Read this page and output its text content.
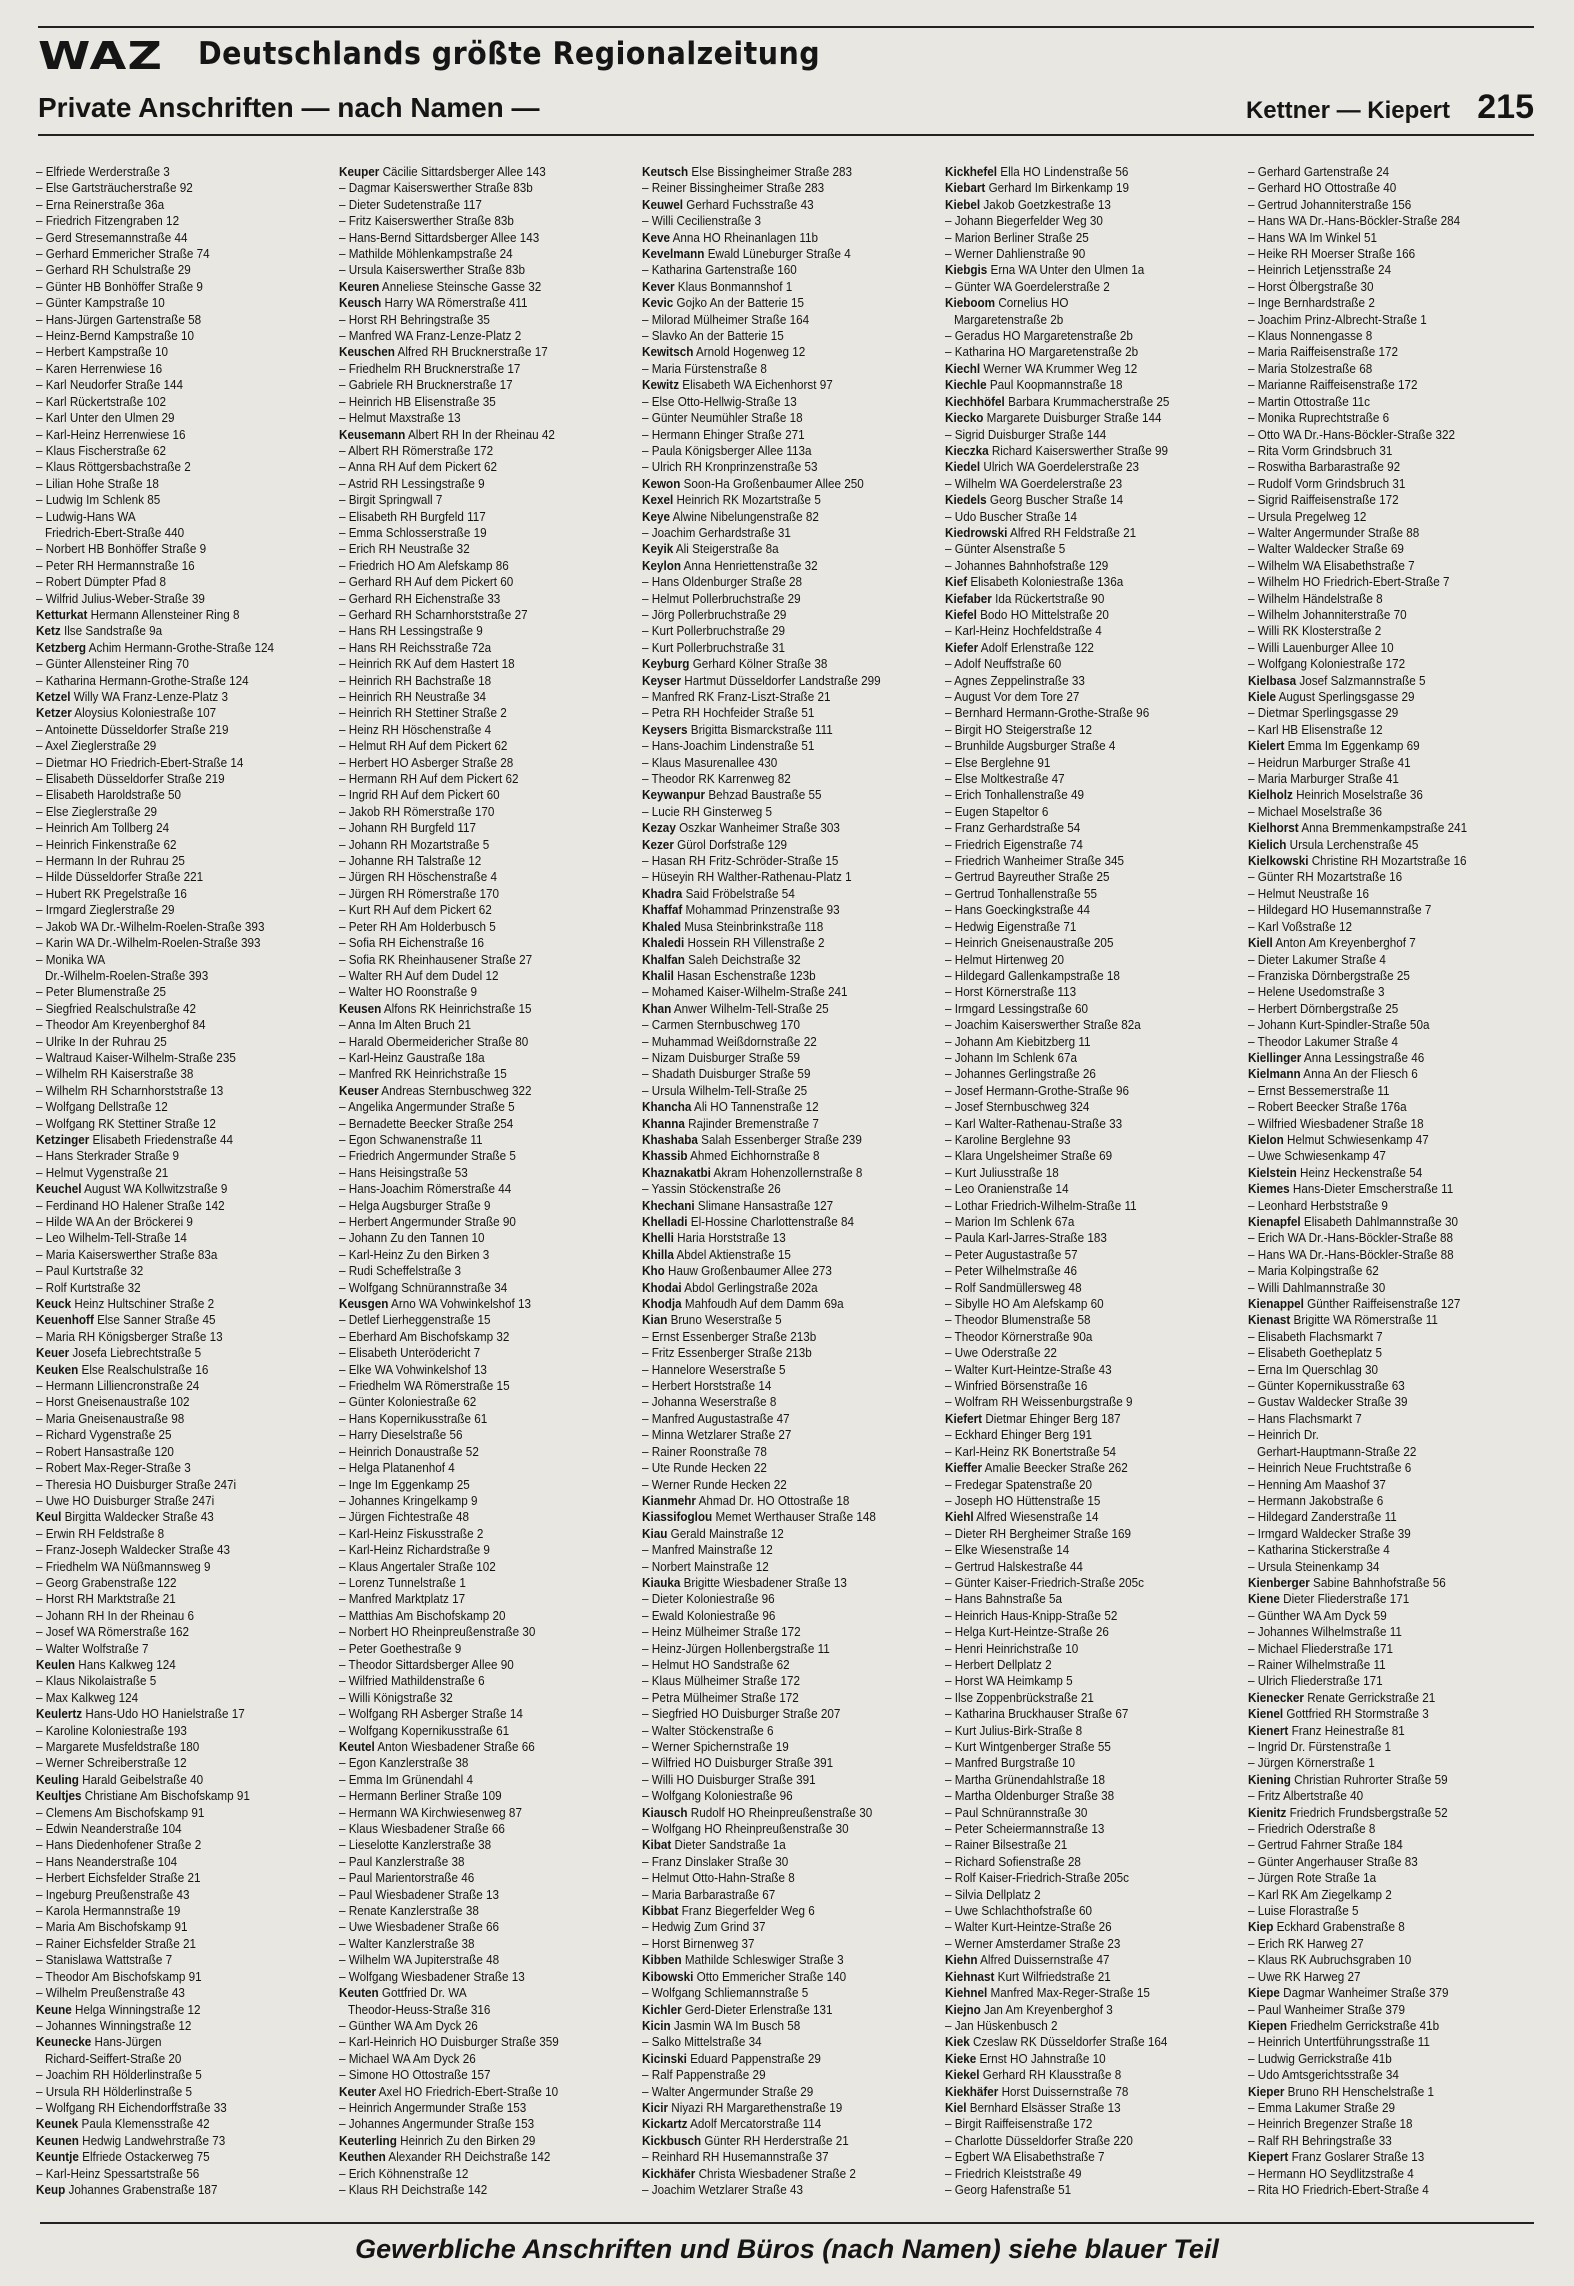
WAZ Deutschlands größte Regionalzeitung
Private Anschriften — nach Namen —	Kettner — Kiepert 215
– Elfriede Werderstraße 3
– Else Gartsträucherstraße 92
– Erna Reinerstraße 36a
– Friedrich Fitzengraben 12
– Gerd Stresemannstraße 44
– Gerhard Emmericher Straße 74
– Gerhard RH Schulstraße 29
– Günter HB Bonhöffer Straße 9
– Günter Kampstraße 10
– Hans-Jürgen Gartenstraße 58
– Heinz-Bernd Kampstraße 10
– Herbert Kampstraße 10
– Karen Herrenwiese 16
– Karl Neudorfer Straße 144
– Karl Rückertstraße 102
– Karl Unter den Ulmen 29
– Karl-Heinz Herrenwiese 16
– Klaus Fischerstraße 62
– Klaus Röttgersbachstraße 2
– Lilian Hohe Straße 18
– Ludwig Im Schlenk 85
– Ludwig-Hans WA
Friedrich-Ebert-Straße 440
– Norbert HB Bonhöffer Straße 9
– Peter RH Hermannstraße 16
– Robert Dümpter Pfad 8
– Wilfrid Julius-Weber-Straße 39
Ketturkat Hermann Allensteiner Ring 8
Ketz Ilse Sandstraße 9a
Ketzberg Achim Hermann-Grothe-Straße 124
– Günter Allensteiner Ring 70
– Katharina Hermann-Grothe-Straße 124
Ketzel Willy WA Franz-Lenze-Platz 3
Ketzer Aloysius Koloniestraße 107
– Antoinette Düsseldorfer Straße 219
– Axel Zieglerstraße 29
– Dietmar HO Friedrich-Ebert-Straße 14
– Elisabeth Düsseldorfer Straße 219
– Elisabeth Haroldstraße 50
– Else Zieglerstraße 29
– Heinrich Am Tollberg 24
– Heinrich Finkenstraße 62
– Hermann In der Ruhrau 25
– Hilde Düsseldorfer Straße 221
– Hubert RK Pregelstraße 16
– Irmgard Zieglerstraße 29
– Jakob WA Dr.-Wilhelm-Roelen-Straße 393
– Karin WA Dr.-Wilhelm-Roelen-Straße 393
– Monika WA
Dr.-Wilhelm-Roelen-Straße 393
– Peter Blumenstraße 25
– Siegfried Realschulstraße 42
– Theodor Am Kreyenberghof 84
– Ulrike In der Ruhrau 25
– Waltraud Kaiser-Wilhelm-Straße 235
– Wilhelm RH Kaiserstraße 38
– Wilhelm RH Scharnhorststraße 13
– Wolfgang Dellstraße 12
– Wolfgang RK Stettiner Straße 12
Ketzinger Elisabeth Friedenstraße 44
– Hans Sterkrader Straße 9
– Helmut Vygenstraße 21
Keuchel August WA Kollwitzstraße 9
– Ferdinand HO Halener Straße 142
– Hilde WA An der Bröckerei 9
– Leo Wilhelm-Tell-Straße 14
– Maria Kaiserswerther Straße 83a
– Paul Kurtstraße 32
– Rolf Kurtstraße 32
Keuck Heinz Hultschiner Straße 2
Keuenhoff Else Sanner Straße 45
– Maria RH Königsberger Straße 13
Keuer Josefa Liebrechtstraße 5
Keuken Else Realschulstraße 16
– Hermann Lilliencronstraße 24
– Horst Gneisenaustraße 102
– Maria Gneisenaustraße 98
– Richard Vygenstraße 25
– Robert Hansastraße 120
– Robert Max-Reger-Straße 3
– Theresia HO Duisburger Straße 247i
– Uwe HO Duisburger Straße 247i
Keul Birgitta Waldecker Straße 43
– Erwin RH Feldstraße 8
– Franz-Joseph Waldecker Straße 43
– Friedhelm WA Nüßmannsweg 9
– Georg Grabenstraße 122
– Horst RH Marktstraße 21
– Johann RH In der Rheinau 6
– Josef WA Römerstraße 162
– Walter Wolfstraße 7
Keulen Hans Kalkweg 124
– Klaus Nikolaistraße 5
– Max Kalkweg 124
Keulertz Hans-Udo HO Hanielstraße 17
– Karoline Koloniestraße 193
– Margarete Musfeldstraße 180
– Werner Schreiberstraße 12
Keuling Harald Geibelstraße 40
Keultjes Christiane Am Bischofskamp 91
– Clemens Am Bischofskamp 91
– Edwin Neanderstraße 104
– Hans Diedenhofener Straße 2
– Hans Neanderstraße 104
– Herbert Eichsfelder Straße 21
– Ingeburg Preußenstraße 43
– Karola Hermannstraße 19
– Maria Am Bischofskamp 91
– Rainer Eichsfelder Straße 21
– Stanislawa Wattstraße 7
– Theodor Am Bischofskamp 91
– Wilhelm Preußenstraße 43
Keune Helga Winningstraße 12
– Johannes Winningstraße 12
Keunecke Hans-Jürgen
Richard-Seiffert-Straße 20
– Joachim RH Hölderlinstraße 5
– Ursula RH Hölderlinstraße 5
– Wolfgang RH Eichendorffstraße 33
Keunek Paula Klemensstraße 42
Keunen Hedwig Landwehrstraße 73
Keuntje Elfriede Ostackerweg 75
– Karl-Heinz Spessartstraße 56
Keup Johannes Grabenstraße 187
Keuper Cäcilie Sittardsberger Allee 143
– Dagmar Kaiserswerther Straße 83b
– Dieter Sudetenstraße 117
– Fritz Kaiserswerther Straße 83b
– Hans-Bernd Sittardsberger Allee 143
– Mathilde Möhlenkampstraße 24
– Ursula Kaiserswerther Straße 83b
Keuren Anneliese Steinsche Gasse 32
Keusch Harry WA Römerstraße 411
– Horst RH Behringstraße 35
– Manfred WA Franz-Lenze-Platz 2
Keuschen Alfred RH Brucknerstraße 17
– Friedhelm RH Brucknerstraße 17
– Gabriele RH Brucknerstraße 17
– Heinrich HB Elisenstraße 35
– Helmut Maxstraße 13
Keusemann Albert RH In der Rheinau 42
– Albert RH Römerstraße 172
– Anna RH Auf dem Pickert 62
– Astrid RH Lessingstraße 9
– Birgit Springwall 7
– Elisabeth RH Burgfeld 117
– Emma Schlosserstraße 19
– Erich RH Neustraße 32
– Friedrich HO Am Alefskamp 86
– Gerhard RH Auf dem Pickert 60
– Gerhard RH Eichenstraße 33
– Gerhard RH Scharnhorststraße 27
– Hans RH Lessingstraße 9
– Hans RH Reichsstraße 72a
– Heinrich RK Auf dem Hastert 18
– Heinrich RH Bachstraße 18
– Heinrich RH Neustraße 34
– Heinrich RH Stettiner Straße 2
– Heinz RH Höschenstraße 4
– Helmut RH Auf dem Pickert 62
– Herbert HO Asberger Straße 28
– Hermann RH Auf dem Pickert 62
– Ingrid RH Auf dem Pickert 60
– Jakob RH Römerstraße 170
– Johann RH Burgfeld 117
– Johann RH Mozartstraße 5
– Johanne RH Talstraße 12
– Jürgen RH Höschenstraße 4
– Jürgen RH Römerstraße 170
– Kurt RH Auf dem Pickert 62
– Peter RH Am Holderbusch 5
– Sofia RH Eichenstraße 16
– Sofia RK Rheinhausener Straße 27
– Walter RH Auf dem Dudel 12
– Walter HO Roonstraße 9
Keusen Alfons RK Heinrichstraße 15
– Anna Im Alten Bruch 21
– Harald Obermeidericher Straße 80
– Karl-Heinz Gaustraße 18a
– Manfred RK Heinrichstraße 15
Keuser Andreas Sternbuschweg 322
– Angelika Angermunder Straße 5
– Bernadette Beecker Straße 254
– Egon Schwanenstraße 11
– Friedrich Angermunder Straße 5
– Hans Heisingstraße 53
– Hans-Joachim Römerstraße 44
– Helga Augsburger Straße 9
– Herbert Angermunder Straße 90
– Johann Zu den Tannen 10
– Karl-Heinz Zu den Birken 3
– Rudi Scheffelstraße 3
– Wolfgang Schnürannstraße 34
Keusgen Arno WA Vohwinkelshof 13
– Detlef Lierheggenstraße 15
– Eberhard Am Bischofskamp 32
– Elisabeth Unterödericht 7
– Elke WA Vohwinkelshof 13
– Friedhelm WA Römerstraße 15
– Günter Koloniestraße 62
– Hans Kopernikusstraße 61
– Harry Dieselstraße 56
– Heinrich Donaustraße 52
– Helga Platanenhof 4
– Inge Im Eggenkamp 25
– Johannes Kringelkamp 9
– Jürgen Fichtestraße 48
– Karl-Heinz Fiskusstraße 2
– Karl-Heinz Richardstraße 9
– Klaus Angertaler Straße 102
– Lorenz Tunnelstraße 1
– Manfred Marktplatz 17
– Matthias Am Bischofskamp 20
– Norbert HO Rheinpreußenstraße 30
– Peter Goethestraße 9
– Theodor Sittardsberger Allee 90
– Wilfried Mathildenstraße 6
– Willi Königstraße 32
– Wolfgang RH Asberger Straße 14
– Wolfgang Kopernikusstraße 61
Keutel Anton Wiesbadener Straße 66
– Egon Kanzlerstraße 38
– Emma Im Grünendahl 4
– Hermann Berliner Straße 109
– Hermann WA Kirchwiesenweg 87
– Klaus Wiesbadener Straße 66
– Lieselotte Kanzlerstraße 38
– Paul Kanzlerstraße 38
– Paul Marientorstraße 46
– Paul Wiesbadener Straße 13
– Renate Kanzlerstraße 38
– Uwe Wiesbadener Straße 66
– Walter Kanzlerstraße 38
– Wilhelm WA Jupiterstraße 48
– Wolfgang Wiesbadener Straße 13
Keuten Gottfried Dr. WA
Theodor-Heuss-Straße 316
– Günther WA Am Dyck 26
– Karl-Heinrich HO Duisburger Straße 359
– Michael WA Am Dyck 26
– Simone HO Ottostraße 157
Keuter Axel HO Friedrich-Ebert-Straße 10
– Heinrich Angermunder Straße 153
– Johannes Angermunder Straße 153
Keuterling Heinrich Zu den Birken 29
Keuthen Alexander RH Deichstraße 142
– Erich Köhnenstraße 12
– Klaus RH Deichstraße 142
Keutsch Else Bissingheimer Straße 283
– Reiner Bissingheimer Straße 283
Keuwel Gerhard Fuchsstraße 43
– Willi Cecilienstraße 3
Keve Anna HO Rheinanlagen 11b
Kevelmann Ewald Lüneburger Straße 4
– Katharina Gartenstraße 160
Kever Klaus Bonmannshof 1
Kevic Gojko An der Batterie 15
– Milorad Mülheimer Straße 164
– Slavko An der Batterie 15
Kewitsch Arnold Hogenweg 12
– Maria Fürstenstraße 8
Kewitz Elisabeth WA Eichenhorst 97
– Else Otto-Hellwig-Straße 13
– Günter Neumühler Straße 18
– Hermann Ehinger Straße 271
– Paula Königsberger Allee 113a
– Ulrich RH Kronprinzenstraße 53
Kewon Soon-Ha Großenbaumer Allee 250
Kexel Heinrich RK Mozartstraße 5
Keye Alwine Nibelungenstraße 82
– Joachim Gerhardstraße 31
Keyik Ali Steigerstraße 8a
Keylon Anna Henriettenstraße 32
– Hans Oldenburger Straße 28
– Helmut Pollerbruchstraße 29
– Jörg Pollerbruchstraße 29
– Kurt Pollerbruchstraße 29
– Kurt Pollerbruchstraße 31
Keyburg Gerhard Kölner Straße 38
Keyser Hartmut Düsseldorfer Landstraße 299
– Manfred RK Franz-Liszt-Straße 21
– Petra RH Hochfeider Straße 51
Keysers Brigitta Bismarckstraße 111
– Hans-Joachim Lindenstraße 51
– Klaus Masurenallee 430
– Theodor RK Karrenweg 82
Keywanpur Behzad Baustraße 55
– Lucie RH Ginsterweg 5
Kezay Oszkar Wanheimer Straße 303
Kezer Gürol Dorfstraße 129
– Hasan RH Fritz-Schröder-Straße 15
– Hüseyin RH Walther-Rathenau-Platz 1
Khadra Said Fröbelstraße 54
Khaffaf Mohammad Prinzenstraße 93
Khaled Musa Steinbrinkstraße 118
Khaledi Hossein RH Villenstraße 2
Khalfan Saleh Deichstraße 32
Khalil Hasan Eschenstraße 123b
– Mohamed Kaiser-Wilhelm-Straße 241
Khan Anwer Wilhelm-Tell-Straße 25
– Carmen Sternbuschweg 170
– Muhammad Weißdornstraße 22
– Nizam Duisburger Straße 59
– Shadath Duisburger Straße 59
– Ursula Wilhelm-Tell-Straße 25
Khancha Ali HO Tannenstraße 12
Khanna Rajinder Bremenstraße 7
Khashaba Salah Essenberger Straße 239
Khassib Ahmed Eichhornstraße 8
Khaznakatbi Akram Hohenzollernstraße 8
– Yassin Stöckenstraße 26
Khechani Slimane Hansastraße 127
Khelladi El-Hossine Charlottenstraße 84
Khelli Haria Horststraße 13
Khilla Abdel Aktienstraße 15
Kho Hauw Großenbaumer Allee 273
Khodai Abdol Gerlingstraße 202a
Khodja Mahfoudh Auf dem Damm 69a
Kian Bruno Weserstraße 5
– Ernst Essenberger Straße 213b
– Fritz Essenberger Straße 213b
– Hannelore Weserstraße 5
– Herbert Horststraße 14
– Johanna Weserstraße 8
– Manfred Augustastraße 47
– Minna Wetzlarer Straße 27
– Rainer Roonstraße 78
– Ute Runde Hecken 22
– Werner Runde Hecken 22
Kianmehr Ahmad Dr. HO Ottostraße 18
Kiassifoglou Memet Werthauser Straße 148
Kiau Gerald Mainstraße 12
– Manfred Mainstraße 12
– Norbert Mainstraße 12
Kiauka Brigitte Wiesbadener Straße 13
– Dieter Koloniestraße 96
– Ewald Koloniestraße 96
– Heinz Mülheimer Straße 172
– Heinz-Jürgen Hollenbergstraße 11
– Helmut HO Sandstraße 62
– Klaus Mülheimer Straße 172
– Petra Mülheimer Straße 172
– Siegfried HO Duisburger Straße 207
– Walter Stöckenstraße 6
– Werner Spichernstraße 19
– Wilfried HO Duisburger Straße 391
– Willi HO Duisburger Straße 391
– Wolfgang Koloniestraße 96
Kiausch Rudolf HO Rheinpreußenstraße 30
– Wolfgang HO Rheinpreußenstraße 30
Kibat Dieter Sandstraße 1a
– Franz Dinslaker Straße 30
– Helmut Otto-Hahn-Straße 8
– Maria Barbarastraße 67
Kibbat Franz Biegerfelder Weg 6
– Hedwig Zum Grind 37
– Horst Birnenweg 37
Kibben Mathilde Schleswiger Straße 3
Kibowski Otto Emmericher Straße 140
– Wolfgang Schliemannstraße 5
Kichler Gerd-Dieter Erlenstraße 131
Kicin Jasmin WA Im Busch 58
– Salko Mittelstraße 34
Kicinski Eduard Pappenstraße 29
– Ralf Pappenstraße 29
– Walter Angermunder Straße 29
Kicir Niyazi RH Margarethenstraße 19
Kickartz Adolf Mercatorstraße 114
Kickbusch Günter RH Herderstraße 21
– Reinhard RH Husemannstraße 37
Kickhäfer Christa Wiesbadener Straße 2
– Joachim Wetzlarer Straße 43
Kickhefel Ella HO Lindenstraße 56
Kiebart Gerhard Im Birkenkamp 19
Kiebel Jakob Goetzkestraße 13
– Johann Biegerfelder Weg 30
– Marion Berliner Straße 25
– Werner Dahlienstraße 90
Kiebgis Erna WA Unter den Ulmen 1a
– Günter WA Goerdelerstraße 2
Kieboom Cornelius HO
Margaretenstraße 2b
– Geradus HO Margaretenstraße 2b
– Katharina HO Margaretenstraße 2b
Kiechl Werner WA Krummer Weg 12
Kiechle Paul Koopmannstraße 18
Kiechhöfel Barbara Krummacherstraße 25
Kiecko Margarete Duisburger Straße 144
– Sigrid Duisburger Straße 144
Kieczka Richard Kaiserswerther Straße 99
Kiedel Ulrich WA Goerdelerstraße 23
– Wilhelm WA Goerdelerstraße 23
Kiedels Georg Buscher Straße 14
– Udo Buscher Straße 14
Kiedrowski Alfred RH Feldstraße 21
– Günter Alsenstraße 5
– Johannes Bahnhofstraße 129
Kief Elisabeth Koloniestraße 136a
Kiefaber Ida Rückertstraße 90
Kiefel Bodo HO Mittelstraße 20
– Karl-Heinz Hochfeldstraße 4
Kiefer Adolf Erlenstraße 122
– Adolf Neuffstraße 60
– Agnes Zeppelinstraße 33
– August Vor dem Tore 27
– Bernhard Hermann-Grothe-Straße 96
– Birgit HO Steigerstraße 12
– Brunhilde Augsburger Straße 4
– Else Berglehne 91
– Else Moltkestraße 47
– Erich Tonhallenstraße 49
– Eugen Stapeltor 6
– Franz Gerhardstraße 54
– Friedrich Eigenstraße 74
– Friedrich Wanheimer Straße 345
– Gertrud Bayreuther Straße 25
– Gertrud Tonhallenstraße 55
– Hans Goeckingkstraße 44
– Hedwig Eigenstraße 71
– Heinrich Gneisenaustraße 205
– Helmut Hirtenweg 20
– Hildegard Gallenkampstraße 18
– Horst Körnerstraße 113
– Irmgard Lessingstraße 60
– Joachim Kaiserswerther Straße 82a
– Johann Am Kiebitzberg 11
– Johann Im Schlenk 67a
– Johannes Gerlingstraße 26
– Josef Hermann-Grothe-Straße 96
– Josef Sternbuschweg 324
– Karl Walter-Rathenau-Straße 33
– Karoline Berglehne 93
– Klara Ungelsheimer Straße 69
– Kurt Juliusstraße 18
– Leo Oranienstraße 14
– Lothar Friedrich-Wilhelm-Straße 11
– Marion Im Schlenk 67a
– Paula Karl-Jarres-Straße 183
– Peter Augustastraße 57
– Peter Wilhelmstraße 46
– Rolf Sandmüllersweg 48
– Sibylle HO Am Alefskamp 60
– Theodor Blumenstraße 58
– Theodor Körnerstraße 90a
– Uwe Oderstraße 22
– Walter Kurt-Heintze-Straße 43
– Winfried Börsenstraße 16
– Wolfram RH Weissenburgstraße 9
Kiefert Dietmar Ehinger Berg 187
– Eckhard Ehinger Berg 191
– Karl-Heinz RK Bonertstraße 54
Kieffer Amalie Beecker Straße 262
– Fredegar Spatenstraße 20
– Joseph HO Hüttenstraße 15
Kiehl Alfred Wiesenstraße 14
– Dieter RH Bergheimer Straße 169
– Elke Wiesenstraße 14
– Gertrud Halskestraße 44
– Günter Kaiser-Friedrich-Straße 205c
– Hans Bahnstraße 5a
– Heinrich Haus-Knipp-Straße 52
– Helga Kurt-Heintze-Straße 26
– Henri Heinrichstraße 10
– Herbert Dellplatz 2
– Horst WA Heimkamp 5
– Ilse Zoppenbrückstraße 21
– Katharina Bruckhauser Straße 67
– Kurt Julius-Birk-Straße 8
– Kurt Wintgenberger Straße 55
– Manfred Burgstraße 10
– Martha Grünendahlstraße 18
– Martha Oldenburger Straße 38
– Paul Schnürannstraße 30
– Peter Scheiermannstraße 13
– Rainer Bilsestraße 21
– Richard Sofienstraße 28
– Rolf Kaiser-Friedrich-Straße 205c
– Silvia Dellplatz 2
– Uwe Schlachthofstraße 60
– Walter Kurt-Heintze-Straße 26
– Werner Amsterdamer Straße 23
Kiehn Alfred Duissernstraße 47
Kiehnast Kurt Wilfriedstraße 21
Kiehnel Manfred Max-Reger-Straße 15
Kiejno Jan Am Kreyenberghof 3
– Jan Hüskenbusch 2
Kiek Czeslaw RK Düsseldorfer Straße 164
Kieke Ernst HO Jahnstraße 10
Kiekel Gerhard RH Klausstraße 8
Kiekhäfer Horst Duissernstraße 78
Kiel Bernhard Elsässer Straße 13
– Birgit Raiffeisenstraße 172
– Charlotte Düsseldorfer Straße 220
– Egbert WA Elisabethstraße 7
– Friedrich Kleiststraße 49
– Georg Hafenstraße 51
– Gerhard Gartenstraße 24
– Gerhard HO Ottostraße 40
– Gertrud Johanniterstraße 156
– Hans WA Dr.-Hans-Böckler-Straße 284
– Hans WA Im Winkel 51
– Heike RH Moerser Straße 166
– Heinrich Letjensstraße 24
– Horst Ölbergstraße 30
– Inge Bernhardstraße 2
– Joachim Prinz-Albrecht-Straße 1
– Klaus Nonnengasse 8
– Maria Raiffeisenstraße 172
– Maria Stolzestraße 68
– Marianne Raiffeisenstraße 172
– Martin Ottostraße 11c
– Monika Ruprechtstraße 6
– Otto WA Dr.-Hans-Böckler-Straße 322
– Rita Vorm Grindsbruch 31
– Roswitha Barbarastraße 92
– Rudolf Vorm Grindsbruch 31
– Sigrid Raiffeisenstraße 172
– Ursula Pregelweg 12
– Walter Angermunder Straße 88
– Walter Waldecker Straße 69
– Wilhelm WA Elisabethstraße 7
– Wilhelm HO Friedrich-Ebert-Straße 7
– Wilhelm Händelstraße 8
– Wilhelm Johanniterstraße 70
– Willi RK Klosterstraße 2
– Willi Lauenburger Allee 10
– Wolfgang Koloniestraße 172
Kielbasa Josef Salzmannstraße 5
Kiele August Sperlingsgasse 29
– Dietmar Sperlingsgasse 29
– Karl HB Elisenstraße 12
Kielert Emma Im Eggenkamp 69
– Heidrun Marburger Straße 41
– Maria Marburger Straße 41
Kielholz Heinrich Moselstraße 36
– Michael Moselstraße 36
Kielhorst Anna Bremmenkampstraße 241
Kielich Ursula Lerchenstraße 45
Kielkowski Christine RH Mozartstraße 16
– Günter RH Mozartstraße 16
– Helmut Neustraße 16
– Hildegard HO Husemannstraße 7
– Karl Voßstraße 12
Kiell Anton Am Kreyenberghof 7
– Dieter Lakumer Straße 4
– Franziska Dörnbergstraße 25
– Helene Usedomstraße 3
– Herbert Dörnbergstraße 25
– Johann Kurt-Spindler-Straße 50a
– Theodor Lakumer Straße 4
Kiellinger Anna Lessingstraße 46
Kielmann Anna An der Fliesch 6
– Ernst Bessemerstraße 11
– Robert Beecker Straße 176a
– Wilfried Wiesbadener Straße 18
Kielon Helmut Schwiesenkamp 47
– Uwe Schwiesenkamp 47
Kielstein Heinz Heckenstraße 54
Kiemes Hans-Dieter Emscherstraße 11
– Leonhard Herbststraße 9
Kienapfel Elisabeth Dahlmannstraße 30
– Erich WA Dr.-Hans-Böckler-Straße 88
– Hans WA Dr.-Hans-Böckler-Straße 88
– Maria Kolpingstraße 62
– Willi Dahlmannstraße 30
Kienappel Günther Raiffeisenstraße 127
Kienast Brigitte WA Römerstraße 11
– Elisabeth Flachsmarkt 7
– Elisabeth Goetheplatz 5
– Erna Im Querschlag 30
– Günter Kopernikusstraße 63
– Gustav Waldecker Straße 39
– Hans Flachsmarkt 7
– Heinrich Dr.
Gerhart-Hauptmann-Straße 22
– Heinrich Neue Fruchtstraße 6
– Henning Am Maashof 37
– Hermann Jakobstraße 6
– Hildegard Zanderstraße 11
– Irmgard Waldecker Straße 39
– Katharina Stickerstraße 4
– Ursula Steinenkamp 34
Kienberger Sabine Bahnhofstraße 56
Kiene Dieter Fliederstraße 171
– Günther WA Am Dyck 59
– Johannes Wilhelmstraße 11
– Michael Fliederstraße 171
– Rainer Wilhelmstraße 11
– Ulrich Fliederstraße 171
Kienecker Renate Gerrickstraße 21
Kienel Gottfried RH Stormstraße 3
Kienert Franz Heinestraße 81
– Ingrid Dr. Fürstenstraße 1
– Jürgen Körnerstraße 1
Kiening Christian Ruhrorter Straße 59
– Fritz Albertstraße 40
Kienitz Friedrich Frundsbergstraße 52
– Friedrich Oderstraße 8
– Gertrud Fahrner Straße 184
– Günter Angerhauser Straße 83
– Jürgen Rote Straße 1a
– Karl RK Am Ziegelkamp 2
– Luise Florastraße 5
Kiep Eckhard Grabenstraße 8
– Erich RK Harweg 27
– Klaus RK Aubruchsgraben 10
– Uwe RK Harweg 27
Kiepe Dagmar Wanheimer Straße 379
– Paul Wanheimer Straße 379
Kiepen Friedhelm Gerrickstraße 41b
– Heinrich Untertführungsstraße 11
– Ludwig Gerrickstraße 41b
– Udo Amtsgerichtsstraße 34
Kieper Bruno RH Henschelstraße 1
– Emma Lakumer Straße 29
– Heinrich Bregenzer Straße 18
– Ralf RH Behringstraße 33
Kiepert Franz Goslarer Straße 13
– Hermann HO Seydlitzstraße 4
– Rita HO Friedrich-Ebert-Straße 4
Gewerbliche Anschriften und Büros (nach Namen) siehe blauer Teil
